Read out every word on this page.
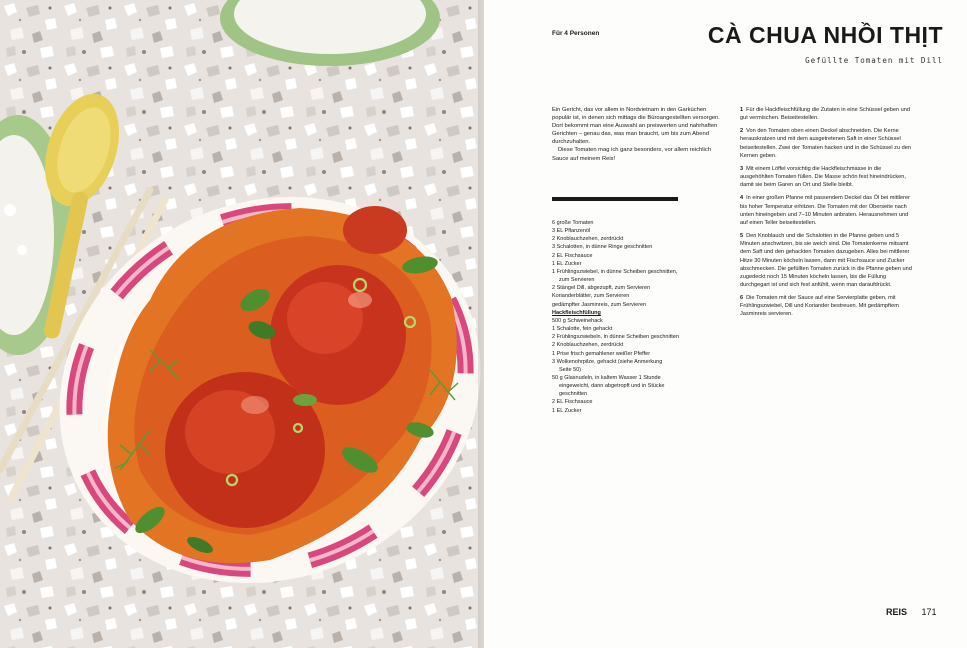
Für 4 Personen	CÀ CHUA NHỒI THỊT
Gefüllte Tomaten mit Dill

Ein Gericht, das vor allem in Nordvietnam in den Garküchen populär ist, in denen sich mittags die Büroangestellten versorgen. Dort bekommt man eine Auswahl an preiswerten und nahrhaften Gerichten – genau das, was man braucht, um bis zum Abend durchzuhalten.

Diese Tomaten mag ich ganz besonders, vor allem reichlich Sauce auf meinem Reis!

6 große Tomaten
3 EL Pflanzenöl
2 Knoblauchzehen, zerdrückt
3 Schalotten, in dünne Ringe geschnitten
2 EL Fischsauce
1 EL Zucker
1 Frühlingszwiebel, in dünne Scheiben geschnitten,
zum Servieren
2 Stängel Dill, abgezupft, zum Servieren
Korianderblätter, zum Servieren
gedämpfter Jasminreis, zum Servieren
Hackfleischfüllung
500 g Schweinehack
1 Schalotte, fein gehackt
2 Frühlingszwiebeln, in dünne Scheiben geschnitten
2 Knoblauchzehen, zerdrückt
1 Prise frisch gemahlener weißer Pfeffer
3 Wolkenohrpilze, gehackt (siehe Anmerkung
Seite 50)
50 g Glasnudeln, in kaltem Wasser 1 Stunde
eingeweicht, dann abgetropft und in Stücke
geschnitten
2 EL Fischsauce
1 EL Zucker
1 Für die Hackfleischfüllung die Zutaten in eine Schüssel geben und gut vermischen. Beiseitestellen.
2 Von den Tomaten oben einen Deckel abschneiden. Die Kerne herauskratzen und mit dem ausgetretenen Saft in einer Schüssel beiseitestellen. Zwei der Tomaten hacken und in die Schüssel zu den Kernen geben.
3 Mit einem Löffel vorsichtig die Hackfleischmasse in die ausgehöhlten Tomaten füllen. Die Masse schön fest hineindrücken, damit sie beim Garen an Ort und Stelle bleibt.
4 In einer großen Pfanne mit passendem Deckel das Öl bei mittlerer bis hoher Temperatur erhitzen. Die Tomaten mit der Oberseite nach unten hineingeben und 7–10 Minuten anbraten. Herausnehmen und auf einen Teller beiseitestellen.
5 Den Knoblauch und die Schalotten in die Pfanne geben und 5 Minuten anschwitzen, bis sie weich sind. Die Tomatenkerne mitsamt dem Saft und den gehackten Tomaten dazugeben. Alles bei mittlerer Hitze 30 Minuten köcheln lassen, dann mit Fischsauce und Zucker abschmecken. Die gefüllten Tomaten zurück in die Pfanne geben und zugedeckt noch 15 Minuten köcheln lassen, bis die Füllung durchgegart ist und sich fest anfühlt, wenn man daraufdrückt.
6 Die Tomaten mit der Sauce auf eine Servierplatte geben, mit Frühlingszwiebel, Dill und Koriander bestreuen. Mit gedämpftem Jasminreis servieren.
REIS 171
